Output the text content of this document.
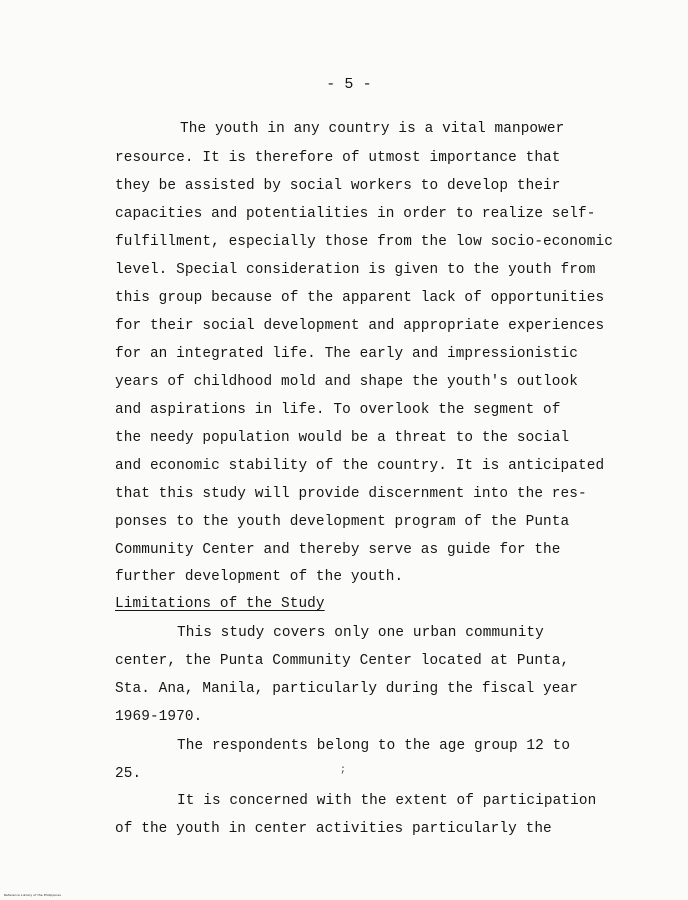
- 5 -
The youth in any country is a vital manpower
resource. It is therefore of utmost importance that
they be assisted by social workers to develop their
capacities and potentialities in order to realize self-
fulfillment, especially those from the low socio-economic
level. Special consideration is given to the youth from
this group because of the apparent lack of opportunities
for their social development and appropriate experiences
for an integrated life. The early and impressionistic
years of childhood mold and shape the youth's outlook
and aspirations in life. To overlook the segment of
the needy population would be a threat to the social
and economic stability of the country. It is anticipated
that this study will provide discernment into the res-
ponses to the youth development program of the Punta
Community Center and thereby serve as guide for the
further development of the youth.
Limitations of the Study
This study covers only one urban community
center, the Punta Community Center located at Punta,
Sta. Ana, Manila, particularly during the fiscal year
1969-1970.
The respondents belong to the age group 12 to
25.	;
It is concerned with the extent of participation
of the youth in center activities particularly the
Reference Library of the Philippines
